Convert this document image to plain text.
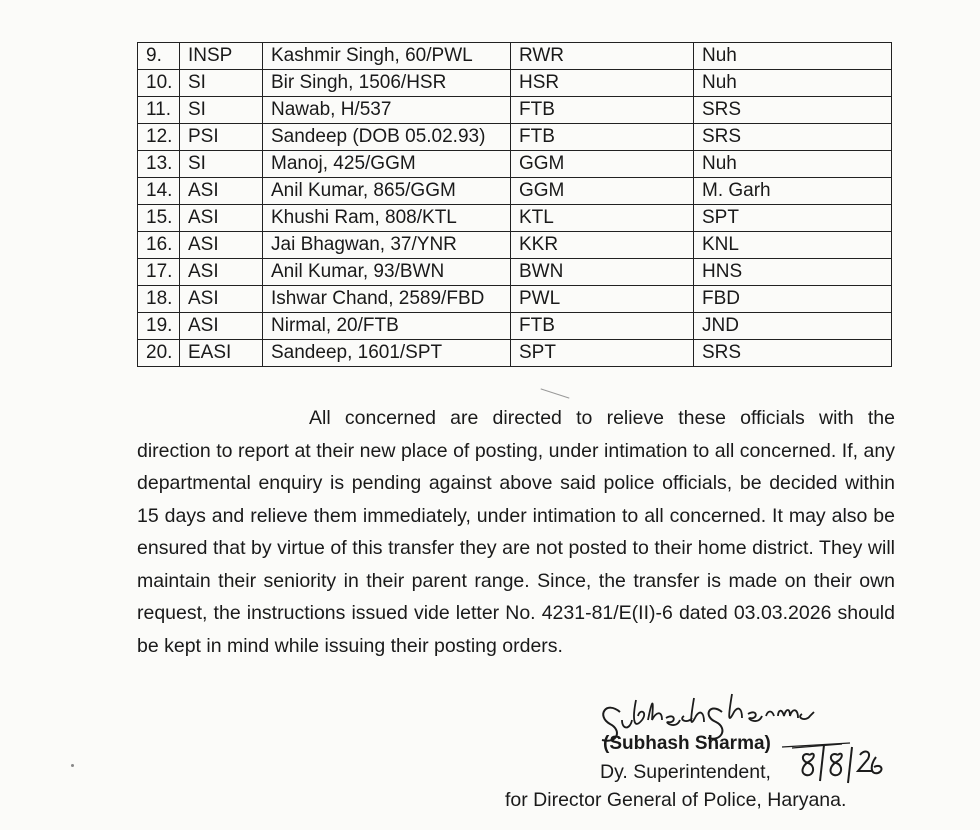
9.	INSP	Kashmir Singh, 60/PWL	RWR	Nuh
10.	SI	Bir Singh, 1506/HSR	HSR	Nuh
11.	SI	Nawab, H/537	FTB	SRS
12.	PSI	Sandeep (DOB 05.02.93)	FTB	SRS
13.	SI	Manoj, 425/GGM	GGM	Nuh
14.	ASI	Anil Kumar, 865/GGM	GGM	M. Garh
15.	ASI	Khushi Ram, 808/KTL	KTL	SPT
16.	ASI	Jai Bhagwan, 37/YNR	KKR	KNL
17.	ASI	Anil Kumar, 93/BWN	BWN	HNS
18.	ASI	Ishwar Chand, 2589/FBD	PWL	FBD
19.	ASI	Nirmal, 20/FTB	FTB	JND
20.	EASI	Sandeep, 1601/SPT	SPT	SRS

All concerned are directed to relieve these officials with the direction to report at their new place of posting, under intimation to all concerned. If, any departmental enquiry is pending against above said police officials, be decided within 15 days and relieve them immediately, under intimation to all concerned. It may also be ensured that by virtue of this transfer they are not posted to their home district. They will maintain their seniority in their parent range. Since, the transfer is made on their own request, the instructions issued vide letter No. 4231-81/E(II)-6 dated 03.03.2026 should be kept in mind while issuing their posting orders.

(Subhash Sharma)
Dy. Superintendent,
for Director General of Police, Haryana.
